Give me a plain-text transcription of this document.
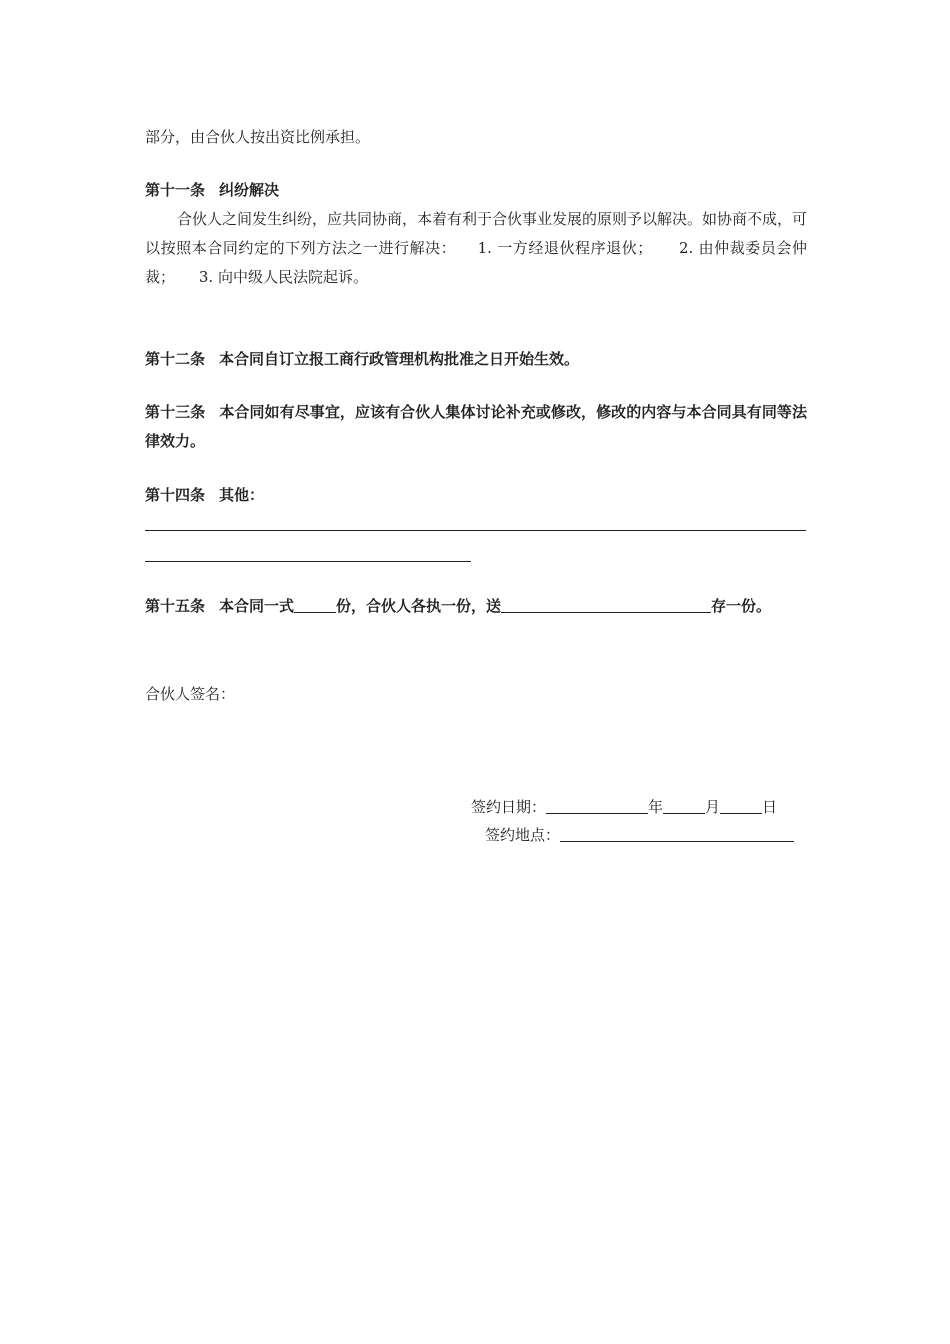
部分，由合伙人按出资比例承担。

第十一条 纠纷解决

合伙人之间发生纠纷，应共同协商，本着有利于合伙事业发展的原则予以解决。如协商不成，可以按照本合同约定的下列方法之一进行解决： 1. 一方经退伙程序退伙； 2. 由仲裁委员会仲裁； 3. 向中级人民法院起诉。

第十二条 本合同自订立报工商行政管理机构批准之日开始生效。

第十三条 本合同如有尽事宜，应该有合伙人集体讨论补充或修改，修改的内容与本合同具有同等法律效力。

第十四条 其他：

第十五条 本合同一式	份，合伙人各执一份，送	存一份。

合伙人签名：

签约日期：	年	月	日
签约地点：
